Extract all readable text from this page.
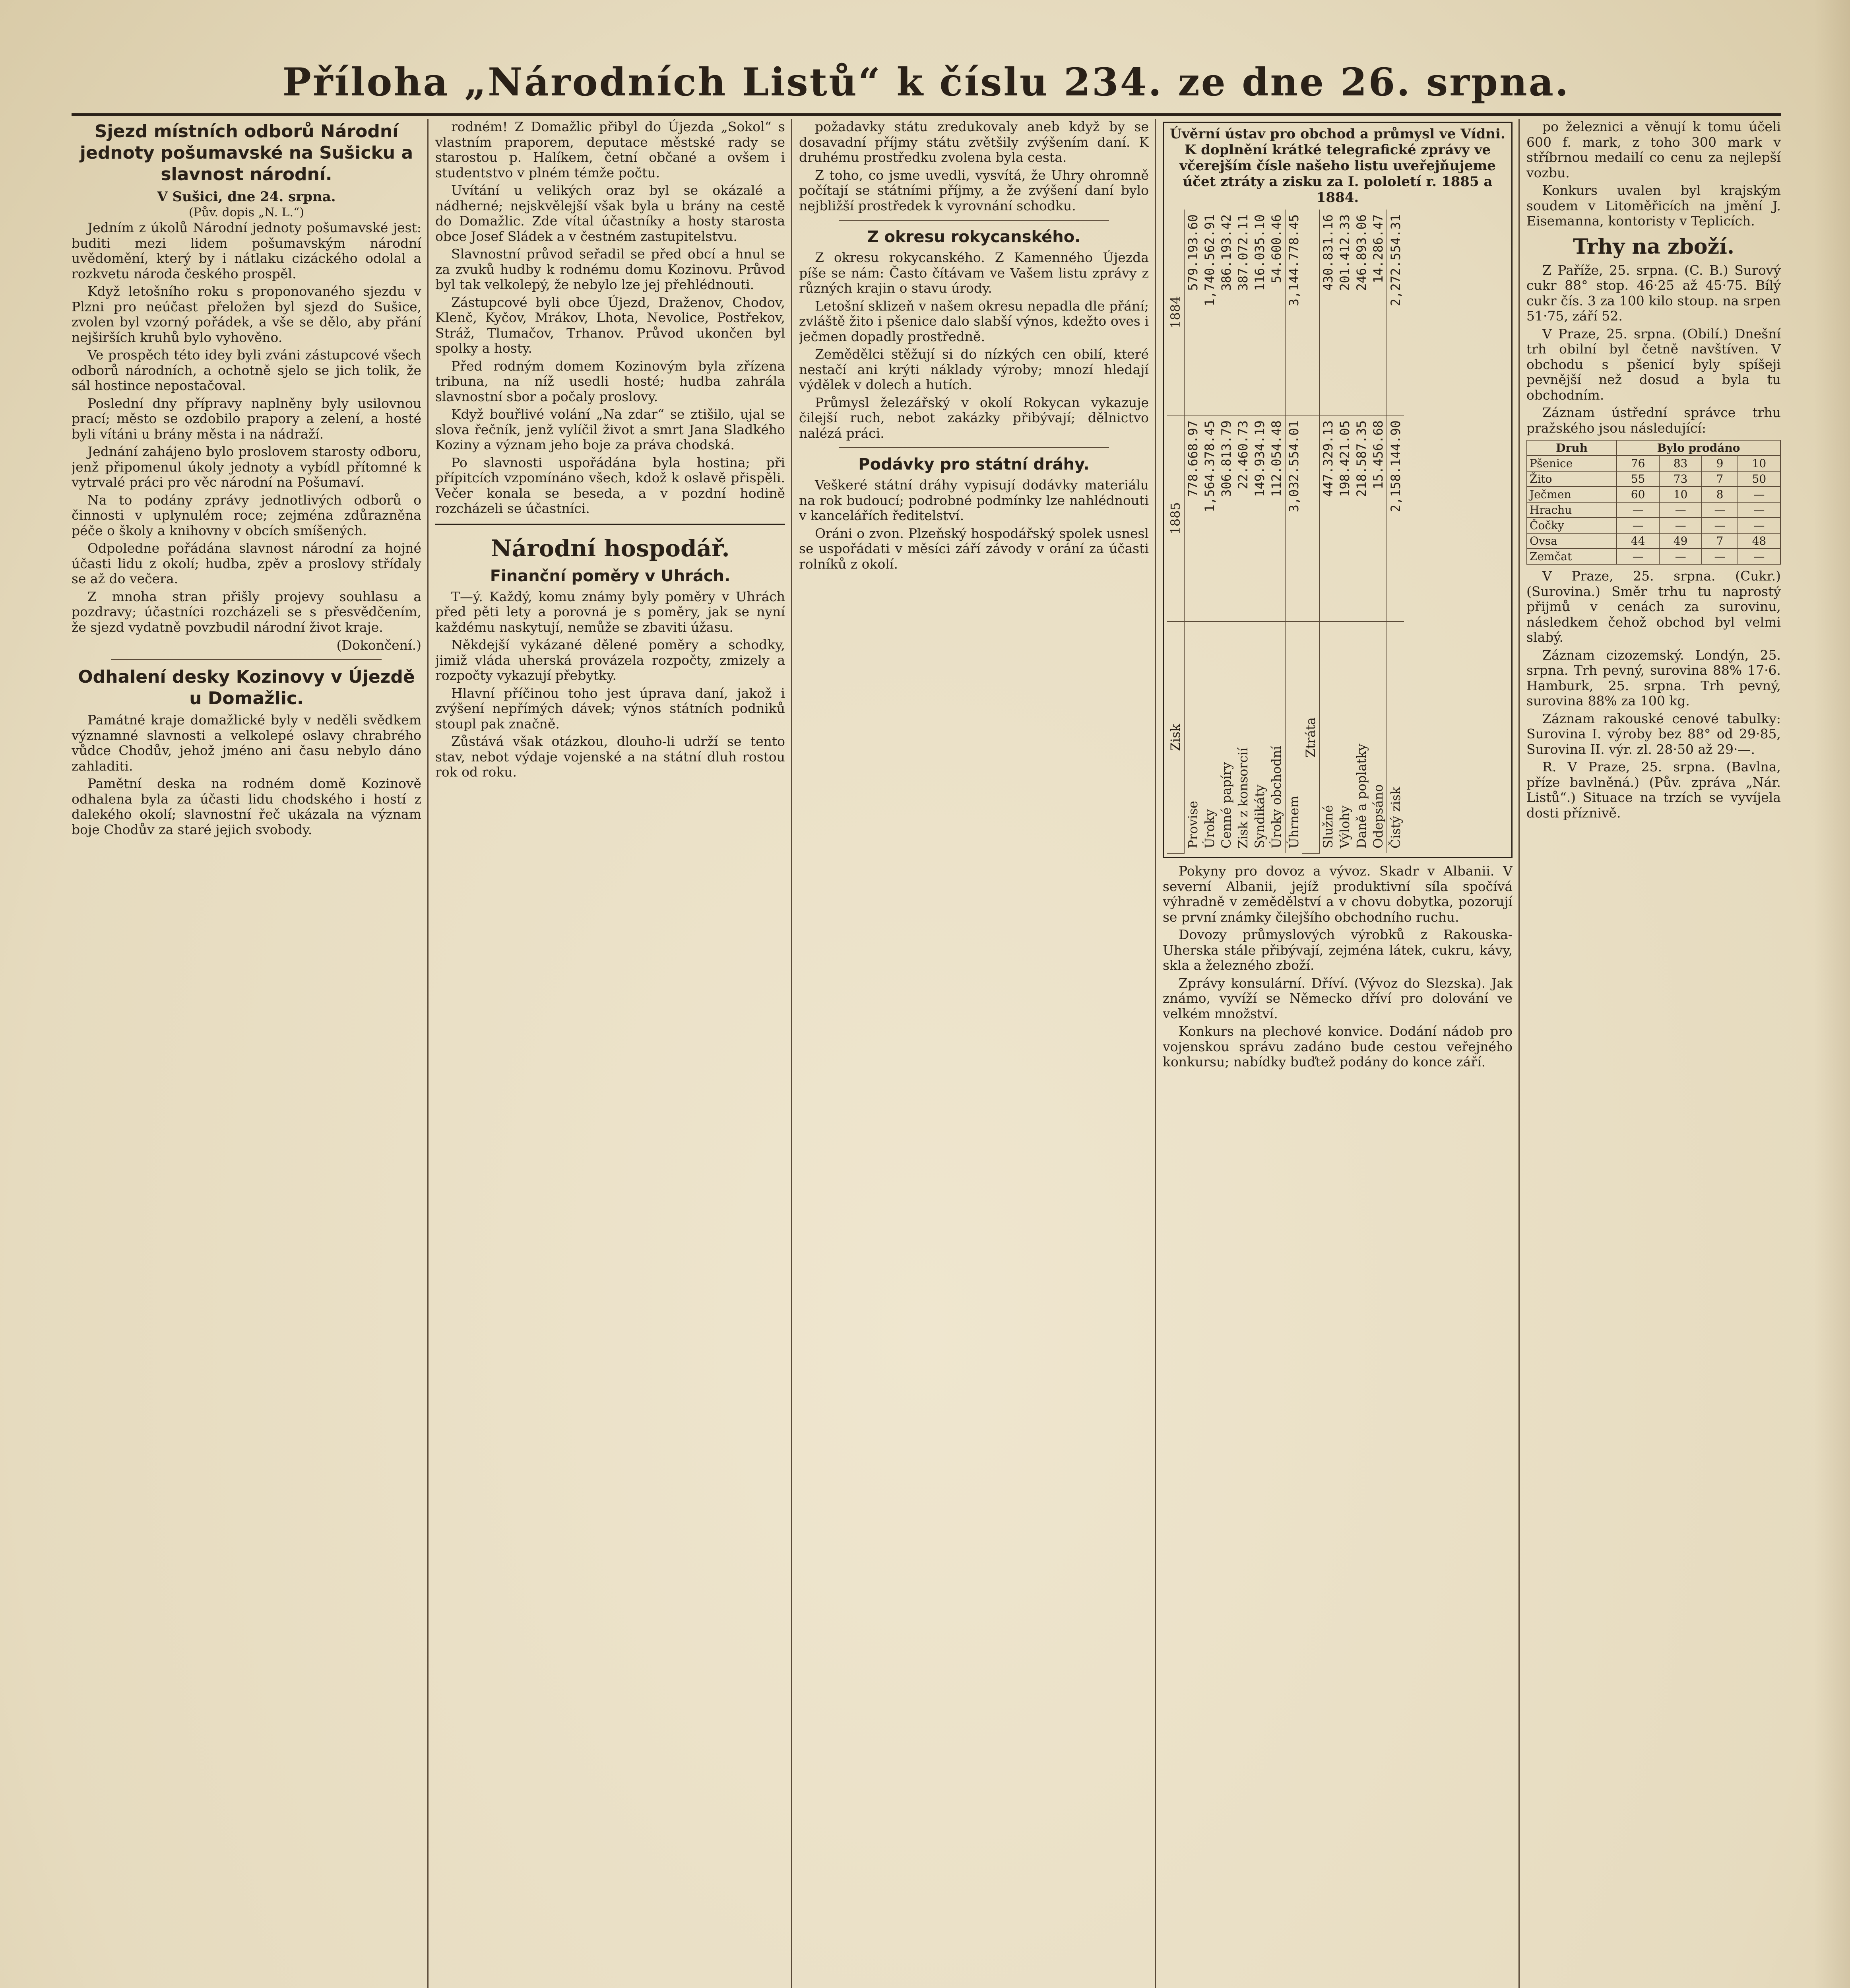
Příloha „Národních Listů“ k číslu 234. ze dne 26. srpna.
Sjezd místních odborů Národní jednoty pošumavské na Sušicku a slavnost národní.
V Sušici, dne 24. srpna.
(Pův. dopis „N. L.“)

Jedním z úkolů Národní jednoty pošumavské jest: buditi mezi lidem pošumavským národní uvědomění, který by i nátlaku cizáckého odolal a rozkvetu národa českého prospěl.

Když letošního roku s proponovaného sjezdu v Plzni pro neúčast přeložen byl sjezd do Sušice, zvolen byl vzorný pořádek, a vše se dělo, aby přání nejširších kruhů bylo vyhověno.

Ve prospěch této idey byli zváni zástupcové všech odborů národních, a ochotně sjelo se jich tolik, že sál hostince nepostačoval.

Poslední dny přípravy naplněny byly usilovnou prací; město se ozdobilo prapory a zelení, a hosté byli vítáni u brány města i na nádraží.

Jednání zahájeno bylo proslovem starosty odboru, jenž připomenul úkoly jednoty a vybídl přítomné k vytrvalé práci pro věc národní na Pošumaví.

Na to podány zprávy jednotlivých odborů o činnosti v uplynulém roce; zejména zdůrazněna péče o školy a knihovny v obcích smíšených.

Odpoledne pořádána slavnost národní za hojné účasti lidu z okolí; hudba, zpěv a proslovy střídaly se až do večera.

Z mnoha stran přišly projevy souhlasu a pozdravy; účastníci rozcházeli se s přesvědčením, že sjezd vydatně povzbudil národní život kraje.

(Dokončení.)
Odhalení desky Kozinovy v Újezdě u Domažlic.

Památné kraje domažlické byly v neděli svědkem významné slavnosti a velkolepé oslavy chrabrého vůdce Chodův, jehož jméno ani času nebylo dáno zahladiti.

Pamětní deska na rodném domě Kozinově odhalena byla za účasti lidu chodského i hostí z dalekého okolí; slavnostní řeč ukázala na význam boje Chodův za staré jejich svobody.

rodném! Z Domažlic přibyl do Újezda „Sokol“ s vlastním praporem, deputace městské rady se starostou p. Halíkem, četní občané a ovšem i studentstvo v plném témže počtu.

Uvítání u velikých oraz byl se okázalé a nádherné; nejskvělejší však byla u brány na cestě do Domažlic. Zde vítal účastníky a hosty starosta obce Josef Sládek a v čestném zastupitelstvu.

Slavnostní průvod seřadil se před obcí a hnul se za zvuků hudby k rodnému domu Kozinovu. Průvod byl tak velkolepý, že nebylo lze jej přehlédnouti.

Zástupcové byli obce Újezd, Draženov, Chodov, Klenč, Kyčov, Mrákov, Lhota, Nevolice, Postřekov, Stráž, Tlumačov, Trhanov. Průvod ukončen byl spolky a hosty.

Před rodným domem Kozinovým byla zřízena tribuna, na níž usedli hosté; hudba zahrála slavnostní sbor a počaly proslovy.

Když bouřlivé volání „Na zdar“ se ztišilo, ujal se slova řečník, jenž vylíčil život a smrt Jana Sladkého Koziny a význam jeho boje za práva chodská.

Po slavnosti uspořádána byla hostina; při přípitcích vzpomínáno všech, kdož k oslavě přispěli. Večer konala se beseda, a v pozdní hodině rozcházeli se účastníci.

Národní hospodář.
Finanční poměry v Uhrách.

T—ý. Každý, komu známy byly poměry v Uhrách před pěti lety a porovná je s poměry, jak se nyní každému naskytují, nemůže se zbaviti úžasu.

Někdejší vykázané dělené poměry a schodky, jimiž vláda uherská provázela rozpočty, zmizely a rozpočty vykazují přebytky.

Hlavní příčinou toho jest úprava daní, jakož i zvýšení nepřímých dávek; výnos státních podniků stoupl pak značně.

Zůstává však otázkou, dlouho-li udrží se tento stav, nebot výdaje vojenské a na státní dluh rostou rok od roku.

požadavky státu zredukovaly aneb když by se dosavadní příjmy státu zvětšily zvýšením daní. K druhému prostředku zvolena byla cesta.

Z toho, co jsme uvedli, vysvítá, že Uhry ohromně počítají se státními příjmy, a že zvýšení daní bylo nejbližší prostředek k vyrovnání schodku.

Z okresu rokycanského.

Z okresu rokycanského. Z Kamenného Újezda píše se nám: Často čítávam ve Vašem listu zprávy z různých krajin o stavu úrody.

Letošní sklizeň v našem okresu nepadla dle přání; zvláště žito i pšenice dalo slabší výnos, kdežto oves i ječmen dopadly prostředně.

Zemědělci stěžují si do nízkých cen obilí, které nestačí ani krýti náklady výroby; mnozí hledají výdělek v dolech a hutích.

Průmysl železářský v okolí Rokycan vykazuje čilejší ruch, nebot zakázky přibývají; dělnictvo nalézá práci.

Podávky pro státní dráhy.

Veškeré státní dráhy vypisují dodávky materiálu na rok budoucí; podrobné podmínky lze nahlédnouti v kancelářích ředitelství.

Oráni o zvon. Plzeňský hospodářský spolek usnesl se uspořádati v měsíci září závody v orání za účasti rolníků z okolí.

Úvěrní ústav pro obchod a průmysl ve Vídni. K doplnění krátké telegrafické zprávy ve včerejším čísle našeho listu uveřejňujeme účet ztráty a zisku za I. pololetí r. 1885 a 1884.
Zisk	1885	1884
Provise	778.668.97	579.193.60
Úroky	1,564.378.45	1,740.562.91
Cenné papíry	306.813.79	386.193.42
Zisk z konsorcií	22.460.73	387.072.11
Syndikáty	149.934.19	116.035.10
Úroky obchodní	112.054.48	54.600.46
Úhrnem	3,032.554.01	3,144.778.45
Ztráta		
Služné	447.329.13	430.831.16
Výlohy	198.421.05	201.412.33
Daně a poplatky	218.587.35	246.893.06
Odepsáno	15.456.68	14.286.47
Čistý zisk	2,158.144.90	2,272.554.31

Pokyny pro dovoz a vývoz. Skadr v Albanii. V severní Albanii, jejíž produktivní síla spočívá výhradně v zemědělství a v chovu dobytka, pozorují se první známky čilejšího obchodního ruchu.

Dovozy průmyslových výrobků z Rakouska-Uherska stále přibývají, zejména látek, cukru, kávy, skla a železného zboží.

Zprávy konsulární. Dříví. (Vývoz do Slezska). Jak známo, vyvíží se Německo dříví pro dolování ve velkém množství.

Konkurs na plechové konvice. Dodání nádob pro vojenskou správu zadáno bude cestou veřejného konkursu; nabídky buďtež podány do konce září.

po železnici a věnují k tomu účeli 600 f. mark, z toho 300 mark v stříbrnou medailí co cenu za nejlepší vozbu.

Konkurs uvalen byl krajským soudem v Litoměřicích na jmění J. Eisemanna, kontoristy v Teplicích.

Trhy na zboží.

Z Paříže, 25. srpna. (C. B.) Surový cukr 88° stop. 46·25 až 45·75. Bílý cukr čís. 3 za 100 kilo stoup. na srpen 51·75, září 52.

V Praze, 25. srpna. (Obilí.) Dnešní trh obilní byl četně navštíven. V obchodu s pšenicí byly spíšeji pevnější než dosud a byla tu obchodním.

Záznam ústřední správce trhu pražského jsou následující:

Druh	Bylo prodáno			
Pšenice	76	83	9	10
Žito	55	73	7	50
Ječmen	60	10	8	—
Hrachu	—	—	—	—
Čočky	—	—	—	—
Ovsa	44	49	7	48
Zemčat	—	—	—	—

V Praze, 25. srpna. (Cukr.) (Surovina.) Směr trhu tu naprostý přijmů v cenách za surovinu, následkem čehož obchod byl velmi slabý.

Záznam cizozemský. Londýn, 25. srpna. Trh pevný, surovina 88% 17·6. Hamburk, 25. srpna. Trh pevný, surovina 88% za 100 kg.

Záznam rakouské cenové tabulky: Surovina I. výroby bez 88° od 29·85, Surovina II. výr. zl. 28·50 až 29·—.

R. V Praze, 25. srpna. (Bavlna, příze bavlněná.) (Pův. zpráva „Nár. Listů“.) Situace na trzích se vyvíjela dosti příznivě.
